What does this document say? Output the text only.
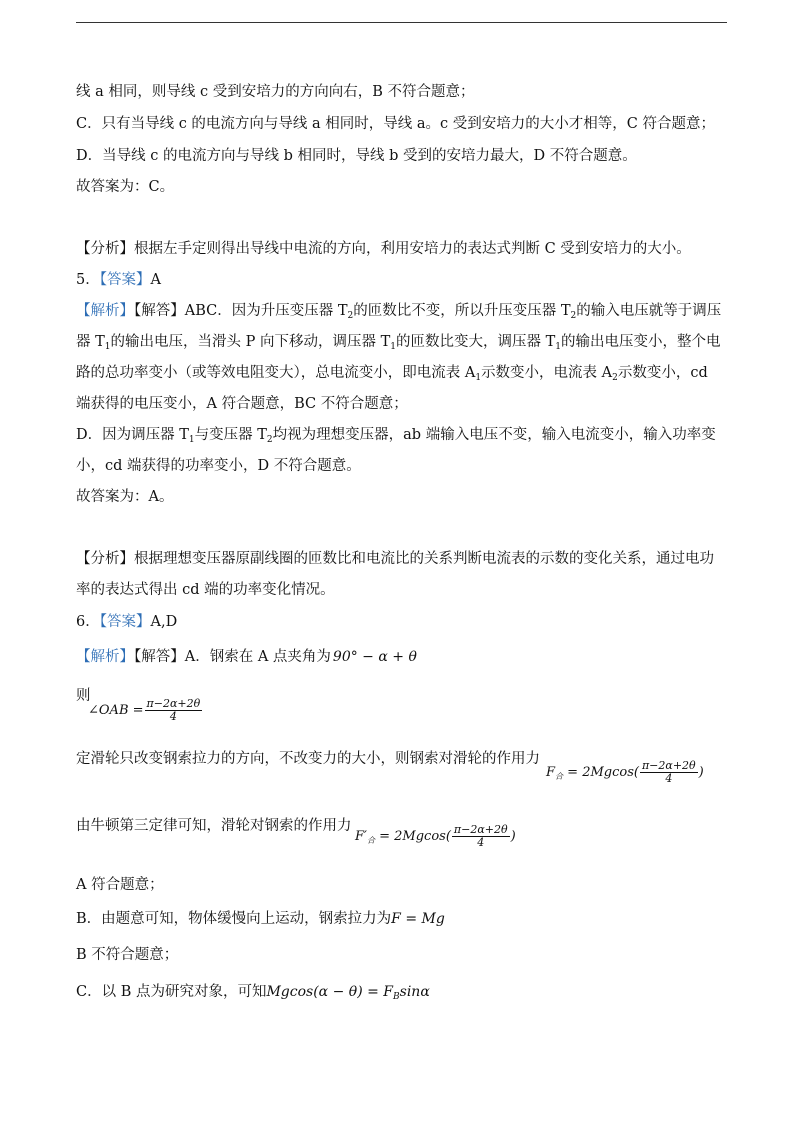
线 a 相同，则导线 c 受到安培力的方向向右，B 不符合题意；
C．只有当导线 c 的电流方向与导线 a 相同时，导线 a。c 受到安培力的大小才相等，C 符合题意；
D．当导线 c 的电流方向与导线 b 相同时，导线 b 受到的安培力最大，D 不符合题意。
故答案为：C。
【分析】根据左手定则得出导线中电流的方向，利用安培力的表达式判断 C 受到安培力的大小。
5．【答案】A
【解析】【解答】ABC．因为升压变压器 $T_2$的匝数比不变，所以升压变压器 $T_2$的输入电压就等于调压
器 $T_1$的输出电压，当滑头 P 向下移动，调压器 $T_1$的匝数比变大，调压器 $T_1$的输出电压变小，整个电
路的总功率变小（或等效电阻变大），总电流变小，即电流表 $A_1$示数变小，电流表 $A_2$示数变小，cd
端获得的电压变小，A 符合题意，BC 不符合题意；
D．因为调压器 $T_1$与变压器 $T_2$均视为理想变压器，ab 端输入电压不变，输入电流变小，输入功率变
小，cd 端获得的功率变小，D 不符合题意。
故答案为：A。
【分析】根据理想变压器原副线圈的匝数比和电流比的关系判断电流表的示数的变化关系，通过电功
率的表达式得出 cd 端的功率变化情况。
6．【答案】A,D
【解析】【解答】A．钢索在 A 点夹角为 90° − α + θ
则
∠OAB = $\frac{\pi-2\alpha+2\theta}{4}$
定滑轮只改变钢索拉力的方向，不改变力的大小，则钢索对滑轮的作用力
$F_合 = 2Mgcos( \frac{\pi-2\alpha+2\theta}{4}$ )
由牛顿第三定律可知，滑轮对钢索的作用力
$F'_合 = 2Mgcos( \frac{\pi-2\alpha+2\theta}{4}$ )
A 符合题意；
B．由题意可知，物体缓慢向上运动，钢索拉力为F = Mg
B 不符合题意；
C．以 B 点为研究对象，可知$Mgcos(\alpha - \theta) = F_B\sin\alpha$
